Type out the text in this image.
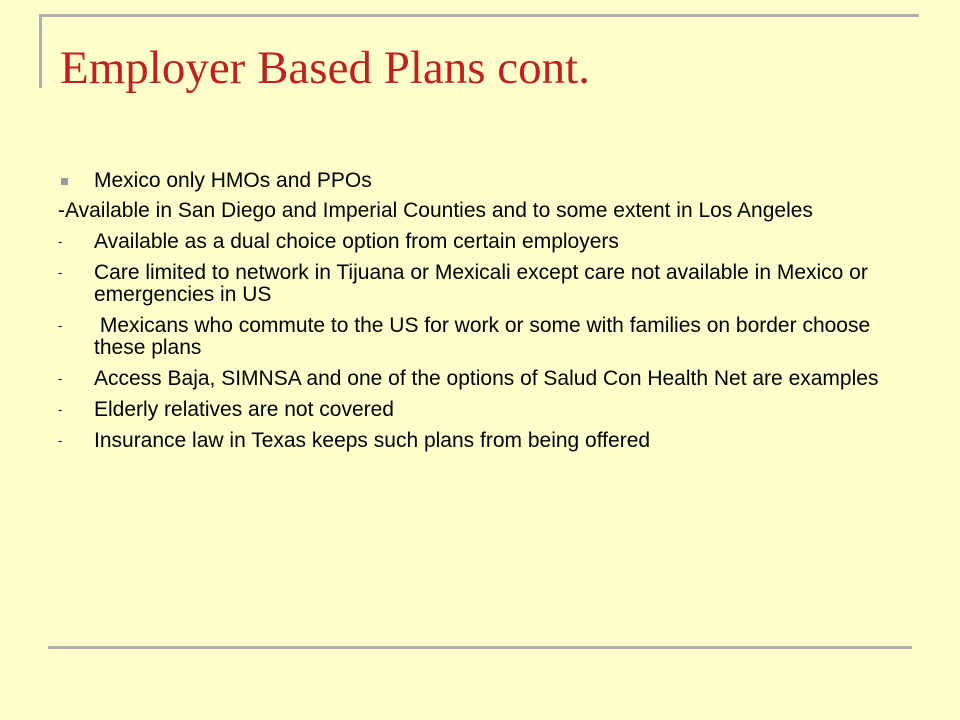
Employer Based Plans cont.
Mexico only HMOs and PPOs
-Available in San Diego and Imperial Counties and to some extent in Los Angeles
- Available as a dual choice option from certain employers
- Care limited to network in Tijuana or Mexicali except care not available in Mexico or emergencies in US
- Mexicans who commute to the US for work or some with families on border choose these plans
- Access Baja, SIMNSA and one of the options of Salud Con Health Net are examples
- Elderly relatives are not covered
- Insurance law in Texas keeps such plans from being offered
